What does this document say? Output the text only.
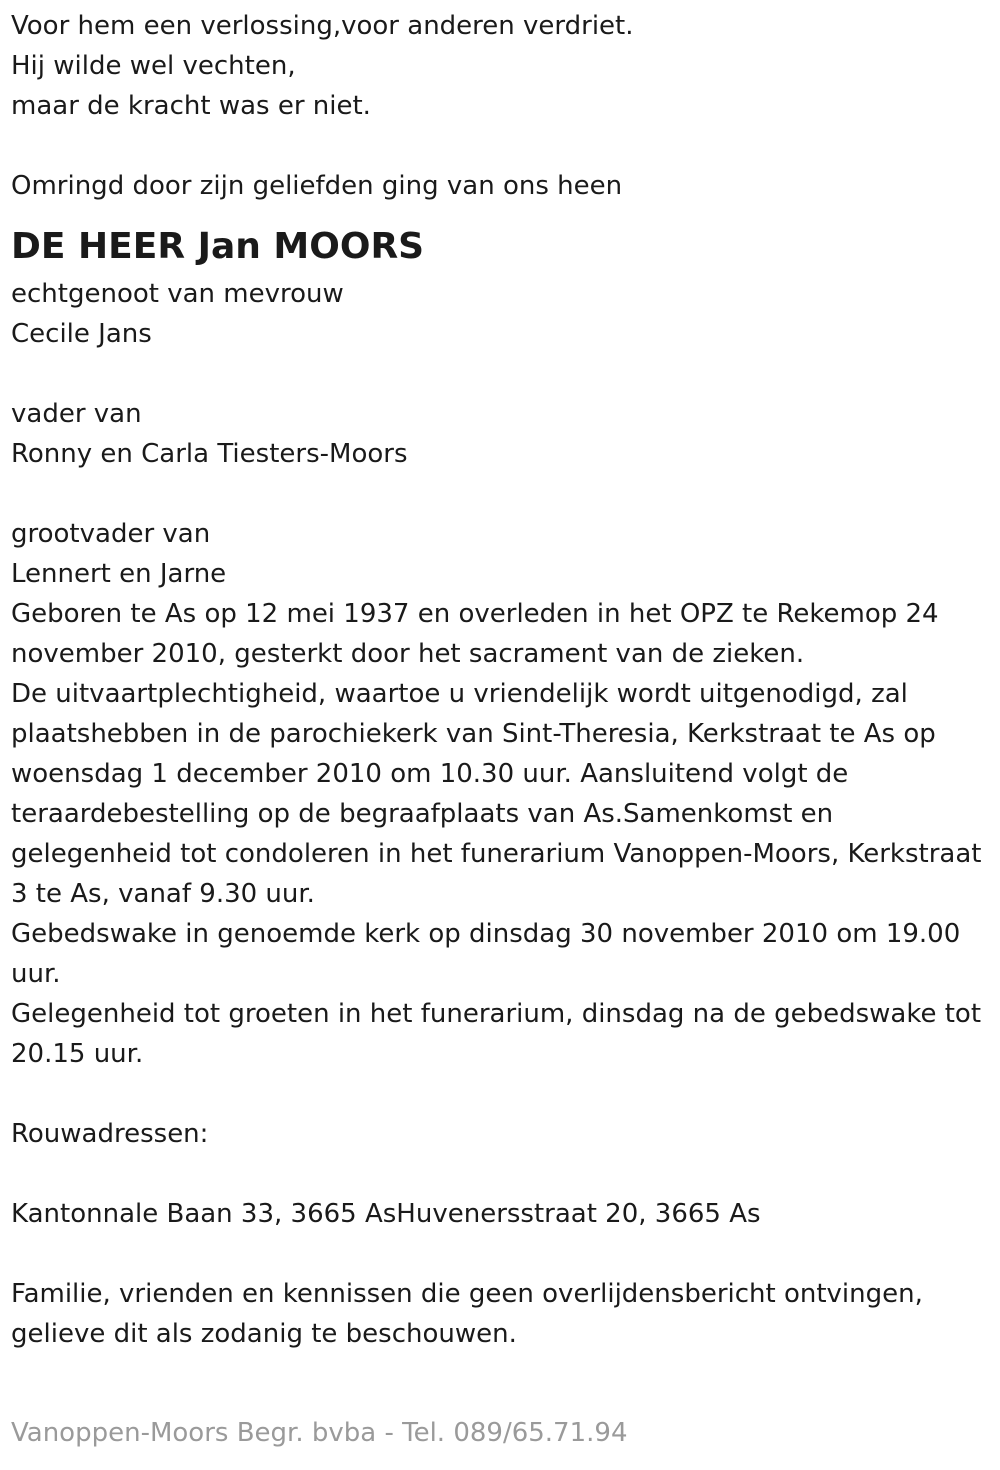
Voor hem een verlossing,voor anderen verdriet.
Hij wilde wel vechten,
maar de kracht was er niet.
Omringd door zijn geliefden ging van ons heen
DE HEER Jan MOORS
echtgenoot van mevrouw
Cecile Jans
vader van
Ronny en Carla Tiesters-Moors
grootvader van
Lennert en Jarne
Geboren te As op 12 mei 1937 en overleden in het OPZ te Rekemop 24 november 2010, gesterkt door het sacrament van de zieken.
De uitvaartplechtigheid, waartoe u vriendelijk wordt uitgenodigd, zal plaatshebben in de parochiekerk van Sint-Theresia, Kerkstraat te As op woensdag 1 december 2010 om 10.30 uur. Aansluitend volgt de teraardebestelling op de begraafplaats van As.Samenkomst en gelegenheid tot condoleren in het funerarium Vanoppen-Moors, Kerkstraat 3 te As, vanaf 9.30 uur.
Gebedswake in genoemde kerk op dinsdag 30 november 2010 om 19.00 uur.
Gelegenheid tot groeten in het funerarium, dinsdag na de gebedswake tot 20.15 uur.
Rouwadressen:
Kantonnale Baan 33, 3665 AsHuvenersstraat 20, 3665 As
Familie, vrienden en kennissen die geen overlijdensbericht ontvingen,
gelieve dit als zodanig te beschouwen.
Vanoppen-Moors Begr. bvba - Tel. 089/65.71.94
